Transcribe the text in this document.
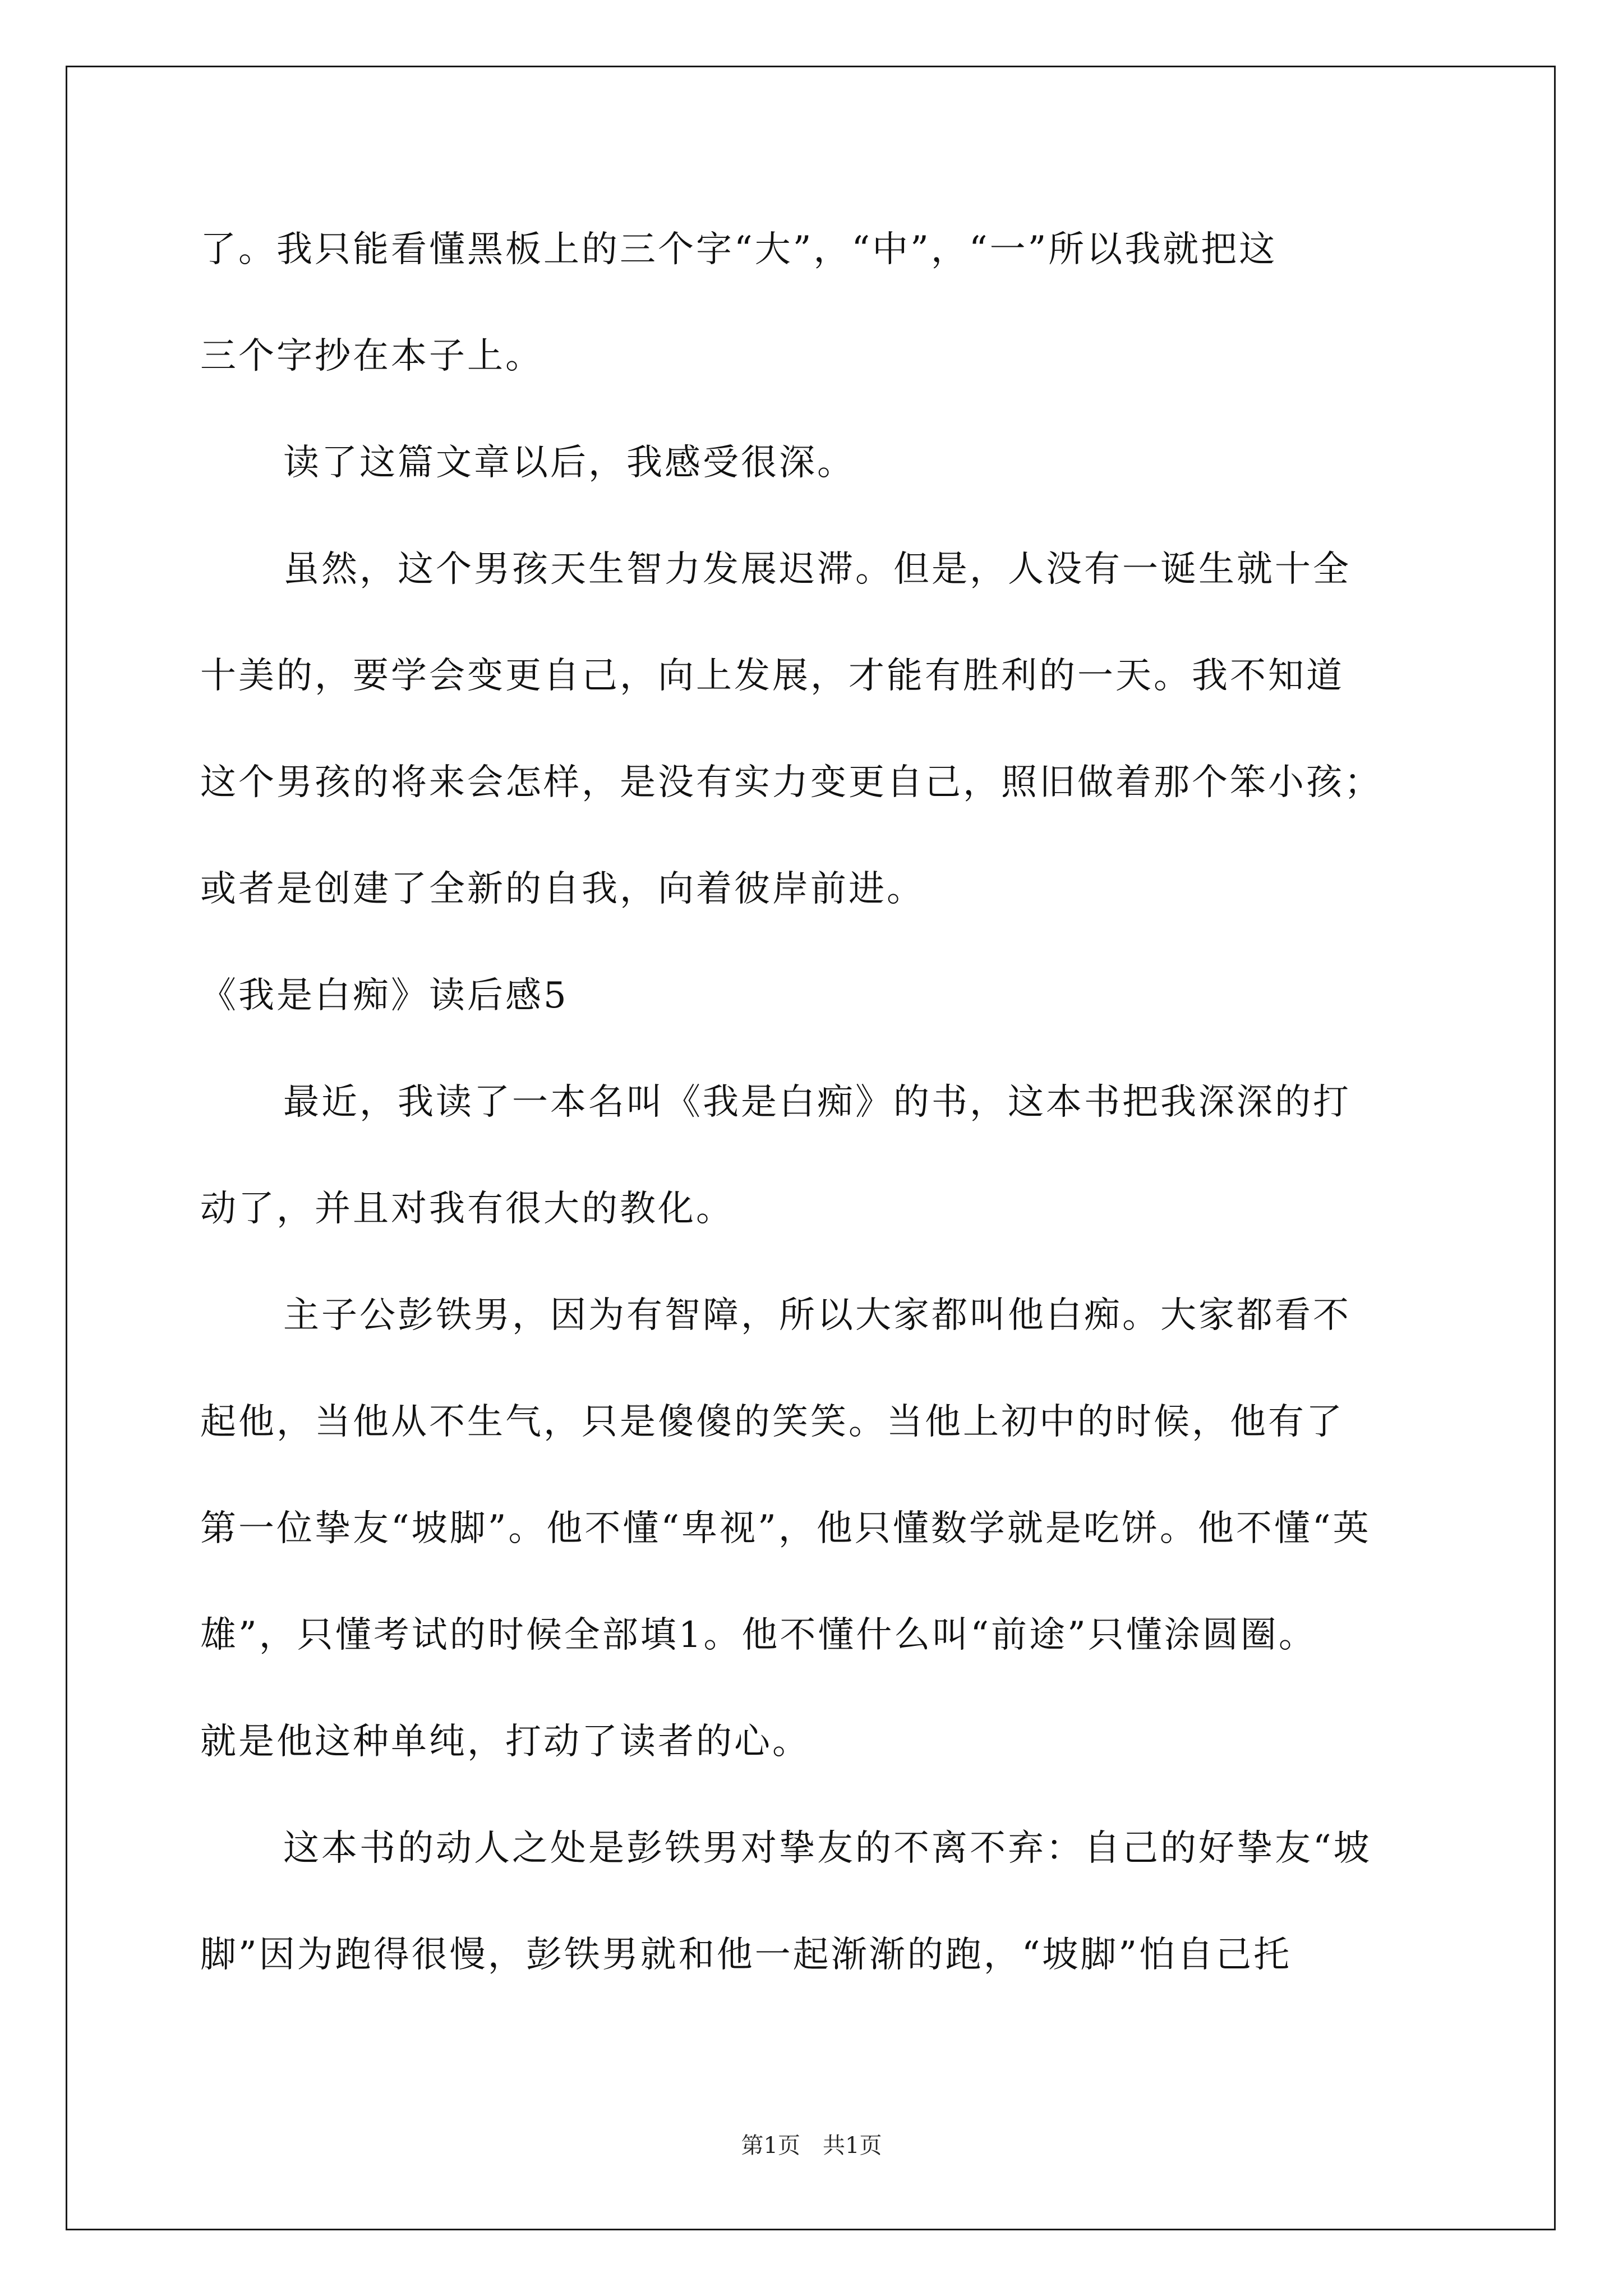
了。我只能看懂黑板上的三个字“大”，“中”，“一”所以我就把这
三个字抄在本子上。
读了这篇文章以后，我感受很深。
虽然，这个男孩天生智力发展迟滞。但是，人没有一诞生就十全
十美的，要学会变更自己，向上发展，才能有胜利的一天。我不知道
这个男孩的将来会怎样，是没有实力变更自己，照旧做着那个笨小孩；
或者是创建了全新的自我，向着彼岸前进。
《我是白痴》读后感5
最近，我读了一本名叫《我是白痴》的书，这本书把我深深的打
动了，并且对我有很大的教化。
主子公彭铁男，因为有智障，所以大家都叫他白痴。大家都看不
起他，当他从不生气，只是傻傻的笑笑。当他上初中的时候，他有了
第一位挚友“坡脚”。他不懂“卑视”，他只懂数学就是吃饼。他不懂“英
雄”，只懂考试的时候全部填1。他不懂什么叫“前途”只懂涂圆圈。
就是他这种单纯，打动了读者的心。
这本书的动人之处是彭铁男对挚友的不离不弃：自己的好挚友“坡
脚”因为跑得很慢，彭铁男就和他一起渐渐的跑，“坡脚”怕自己托
第1页　共1页
